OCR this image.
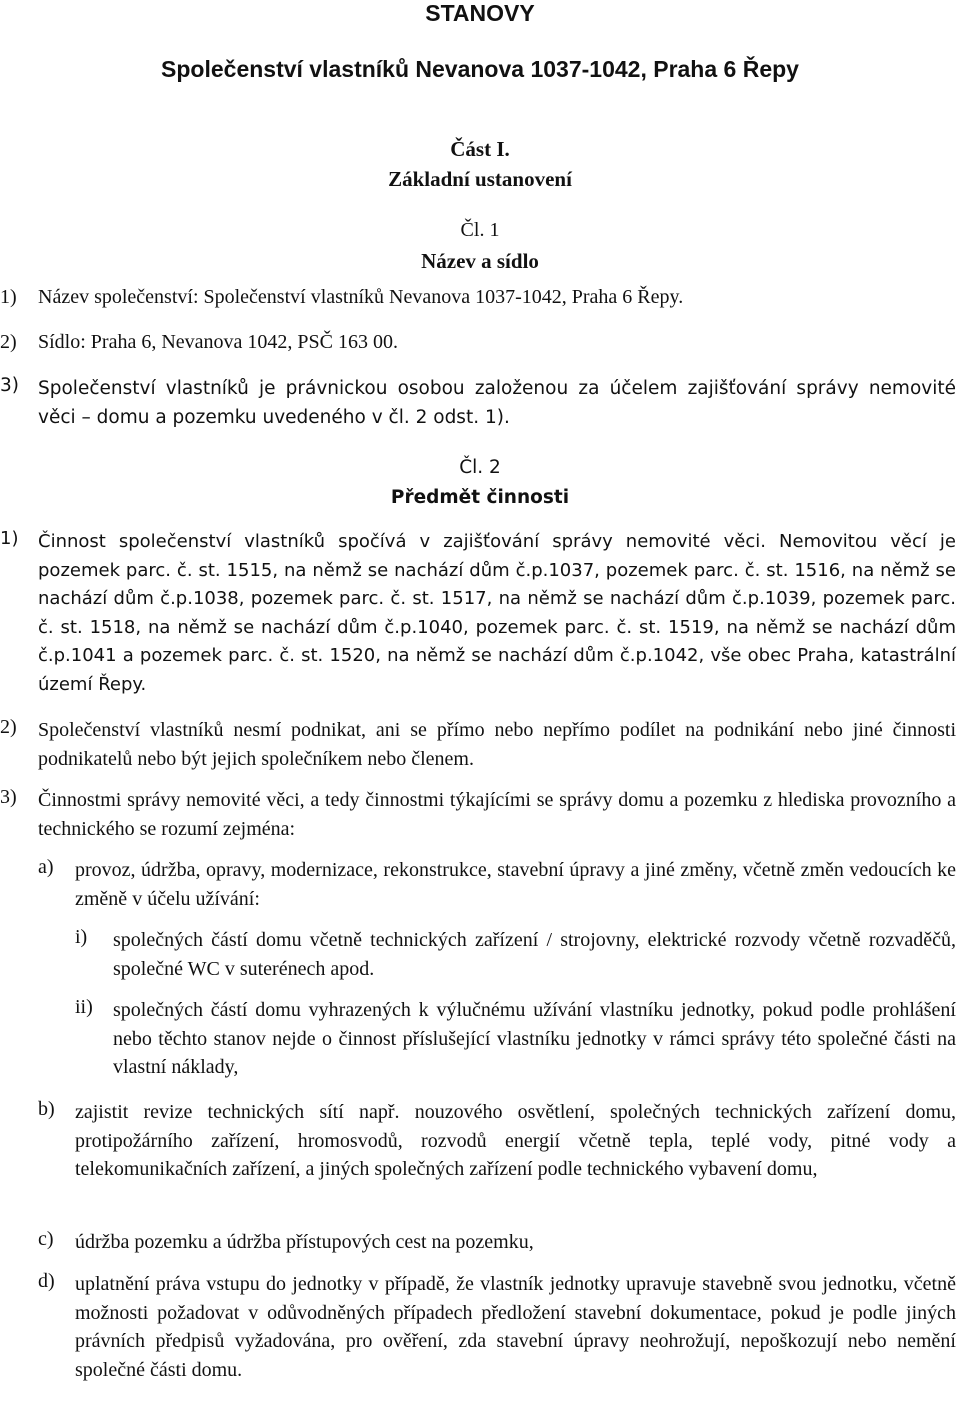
STANOVY
Společenství vlastníků Nevanova 1037-1042, Praha 6 Řepy
Část I.
Základní ustanovení
Čl. 1
Název a sídlo
1) Název společenství: Společenství vlastníků Nevanova 1037-1042, Praha 6 Řepy.
2) Sídlo: Praha 6, Nevanova 1042, PSČ 163 00.
3) Společenství vlastníků je právnickou osobou založenou za účelem zajišťování správy nemovité věci – domu a pozemku uvedeného v čl. 2 odst. 1).
Čl. 2
Předmět činnosti
1) Činnost společenství vlastníků spočívá v zajišťování správy nemovité věci. Nemovitou věcí je pozemek parc. č. st. 1515, na němž se nachází dům č.p.1037, pozemek parc. č. st. 1516, na němž se nachází dům č.p.1038, pozemek parc. č. st. 1517, na němž se nachází dům č.p.1039, pozemek parc. č. st. 1518, na němž se nachází dům č.p.1040, pozemek parc. č. st. 1519, na němž se nachází dům č.p.1041 a pozemek parc. č. st. 1520, na němž se nachází dům č.p.1042, vše obec Praha, katastrální území Řepy.
2) Společenství vlastníků nesmí podnikat, ani se přímo nebo nepřímo podílet na podnikání nebo jiné činnosti podnikatelů nebo být jejich společníkem nebo členem.
3) Činnostmi správy nemovité věci, a tedy činnostmi týkajícími se správy domu a pozemku z hlediska provozního a technického se rozumí zejména:
a) provoz, údržba, opravy, modernizace, rekonstrukce, stavební úpravy a jiné změny, včetně změn vedoucích ke změně v účelu užívání:
i) společných částí domu včetně technických zařízení / strojovny, elektrické rozvody včetně rozvaděčů, společné WC v suterénech apod.
ii) společných částí domu vyhrazených k výlučnému užívání vlastníku jednotky, pokud podle prohlášení nebo těchto stanov nejde o činnost příslušející vlastníku jednotky v rámci správy této společné části na vlastní náklady,
b) zajistit revize technických sítí např. nouzového osvětlení, společných technických zařízení domu, protipožárního zařízení, hromosvodů, rozvodů energií včetně tepla, teplé vody, pitné vody a telekomunikačních zařízení, a jiných společných zařízení podle technického vybavení domu,
c) údržba pozemku a údržba přístupových cest na pozemku,
d) uplatnění práva vstupu do jednotky v případě, že vlastník jednotky upravuje stavebně svou jednotku, včetně možnosti požadovat v odůvodněných případech předložení stavební dokumentace, pokud je podle jiných právních předpisů vyžadována, pro ověření, zda stavební úpravy neohrožují, nepoškozují nebo nemění společné části domu.
